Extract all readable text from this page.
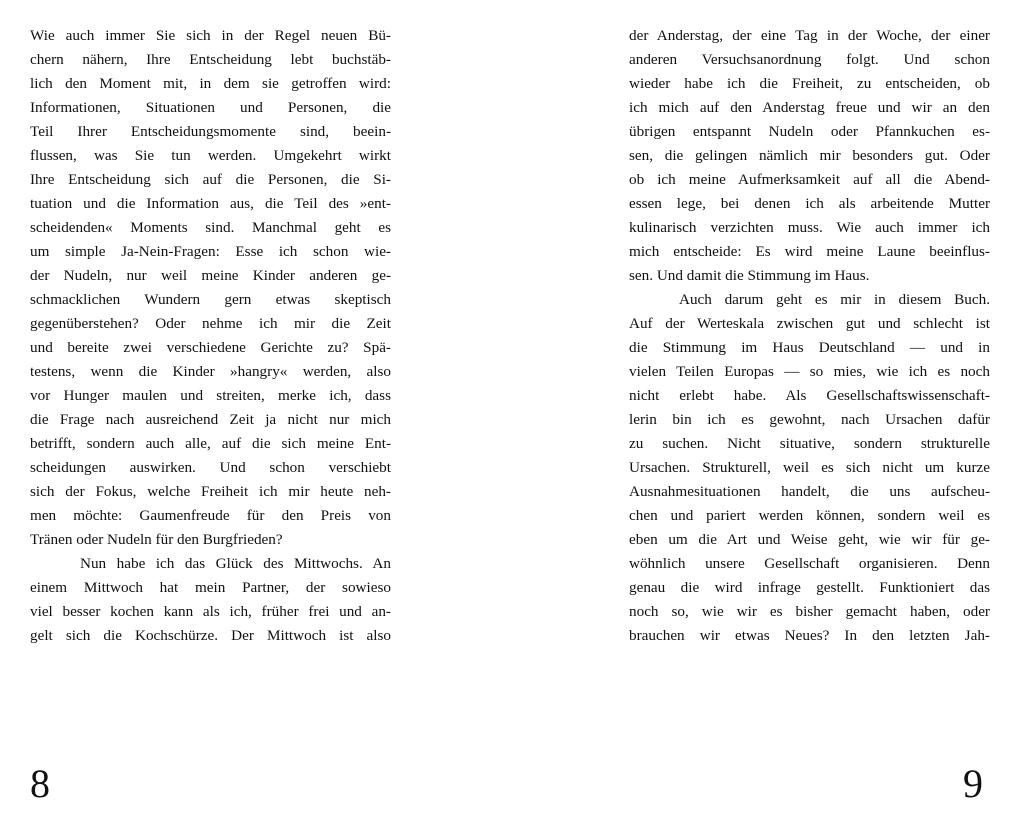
Wie auch immer Sie sich in der Regel neuen Bü-
chern nähern, Ihre Entscheidung lebt buchstäb-
lich den Moment mit, in dem sie getroffen wird:
Informationen, Situationen und Personen, die
Teil Ihrer Entscheidungsmomente sind, beein-
flussen, was Sie tun werden. Umgekehrt wirkt
Ihre Entscheidung sich auf die Personen, die Si-
tuation und die Information aus, die Teil des »ent-
scheidenden« Moments sind. Manchmal geht es
um simple Ja-Nein-Fragen: Esse ich schon wie-
der Nudeln, nur weil meine Kinder anderen ge-
schmacklichen Wundern gern etwas skeptisch
gegenüberstehen? Oder nehme ich mir die Zeit
und bereite zwei verschiedene Gerichte zu? Spä-
testens, wenn die Kinder »hangry« werden, also
vor Hunger maulen und streiten, merke ich, dass
die Frage nach ausreichend Zeit ja nicht nur mich
betrifft, sondern auch alle, auf die sich meine Ent-
scheidungen auswirken. Und schon verschiebt
sich der Fokus, welche Freiheit ich mir heute neh-
men möchte: Gaumenfreude für den Preis von
Tränen oder Nudeln für den Burgfrieden?
Nun habe ich das Glück des Mittwochs. An
einem Mittwoch hat mein Partner, der sowieso
viel besser kochen kann als ich, früher frei und an-
gelt sich die Kochschürze. Der Mittwoch ist also
8
der Anderstag, der eine Tag in der Woche, der einer
anderen Versuchsanordnung folgt. Und schon
wieder habe ich die Freiheit, zu entscheiden, ob
ich mich auf den Anderstag freue und wir an den
übrigen entspannt Nudeln oder Pfannkuchen es-
sen, die gelingen nämlich mir besonders gut. Oder
ob ich meine Aufmerksamkeit auf all die Abend-
essen lege, bei denen ich als arbeitende Mutter
kulinarisch verzichten muss. Wie auch immer ich
mich entscheide: Es wird meine Laune beeinflus-
sen. Und damit die Stimmung im Haus.
Auch darum geht es mir in diesem Buch.
Auf der Werteskala zwischen gut und schlecht ist
die Stimmung im Haus Deutschland — und in
vielen Teilen Europas — so mies, wie ich es noch
nicht erlebt habe. Als Gesellschaftswissenschaft-
lerin bin ich es gewohnt, nach Ursachen dafür
zu suchen. Nicht situative, sondern strukturelle
Ursachen. Strukturell, weil es sich nicht um kurze
Ausnahmesituationen handelt, die uns aufscheu-
chen und pariert werden können, sondern weil es
eben um die Art und Weise geht, wie wir für ge-
wöhnlich unsere Gesellschaft organisieren. Denn
genau die wird infrage gestellt. Funktioniert das
noch so, wie wir es bisher gemacht haben, oder
brauchen wir etwas Neues? In den letzten Jah-
9
